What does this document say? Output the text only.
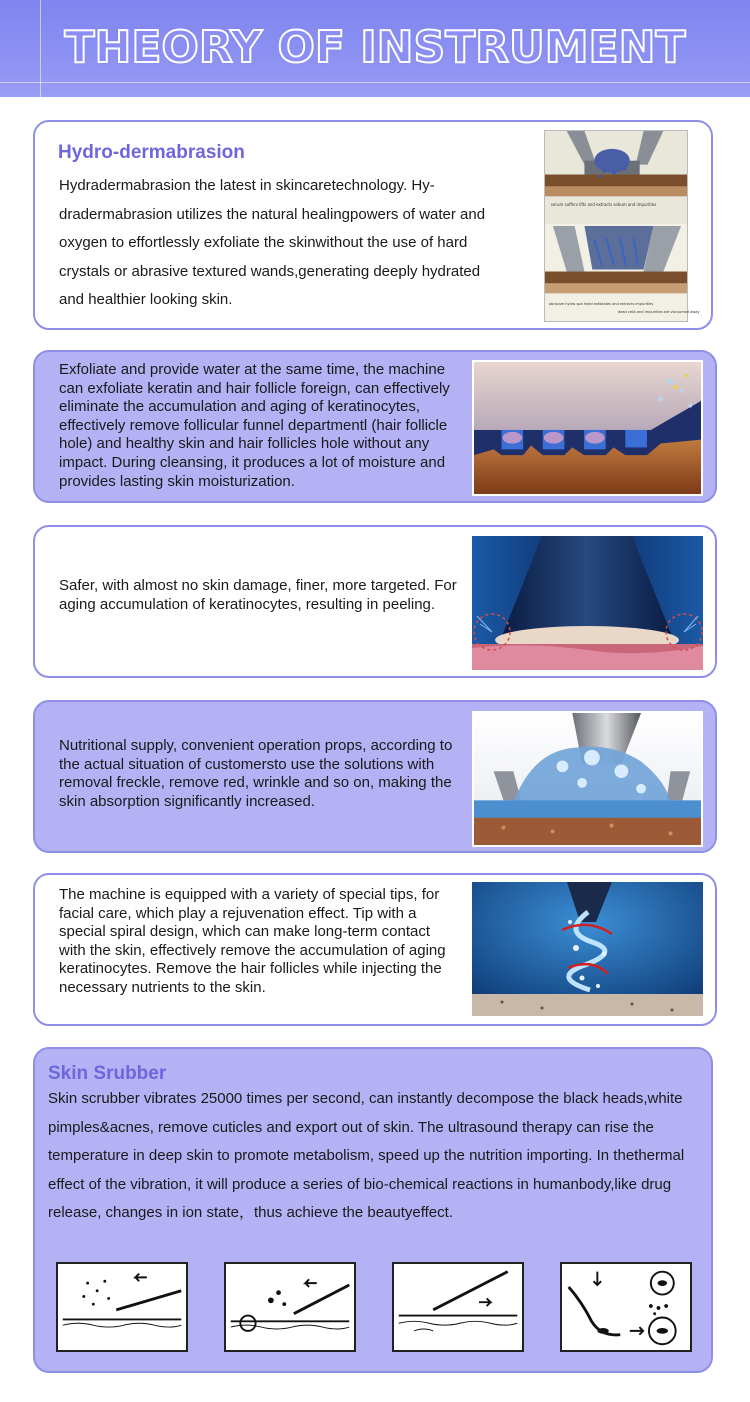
THEORY OF INSTRUMENT
Hydro-dermabrasion
Hydradermabrasion the latest in skincaretechnology. Hy-dradermabrasion utilizes the natural healingpowers of water and oxygen to effortlessly exfoliate the skinwithout the use of hard crystals or abrasive textured wands,generating deeply hydrated and healthier looking skin.
serum suffers lifts and extracts sebum and impurities
abrasive hydro spa head exfoliates and extracts impurities
dead cells and impurities are vacuumed away
Exfoliate and provide water at the same time, the machine can exfoliate keratin and hair follicle foreign, can effectively eliminate the accumulation and aging of keratinocytes, effectively remove follicular funnel departmentl (hair follicle hole) and healthy skin and hair follicles hole without any impact. During cleansing, it produces a lot of moisture and provides lasting skin moisturization.
Safer, with almost no skin damage, finer, more targeted. For aging accumulation of keratinocytes, resulting in peeling.
Nutritional supply, convenient operation props, according to the actual situation of customersto use the solutions with removal freckle, remove red, wrinkle and so on, making the skin absorption significantly increased.
The machine is equipped with a variety of special tips, for facial care, which play a rejuvenation effect. Tip with a special spiral design, which can make long-term contact with the skin, effectively remove the accumulation of aging keratinocytes. Remove the hair follicles while injecting the necessary nutrients to the skin.
Skin Srubber
Skin scrubber vibrates 25000 times per second, can instantly decompose the black heads,white pimples&acnes, remove cuticles and export out of skin. The ultrasound therapy can rise the temperature in deep skin to promote metabolism, speed up the nutrition importing. In thethermal effect of the vibration, it will produce a series of bio-chemical reactions in humanbody,like drug release, changes in ion state，thus achieve the beautyeffect.
